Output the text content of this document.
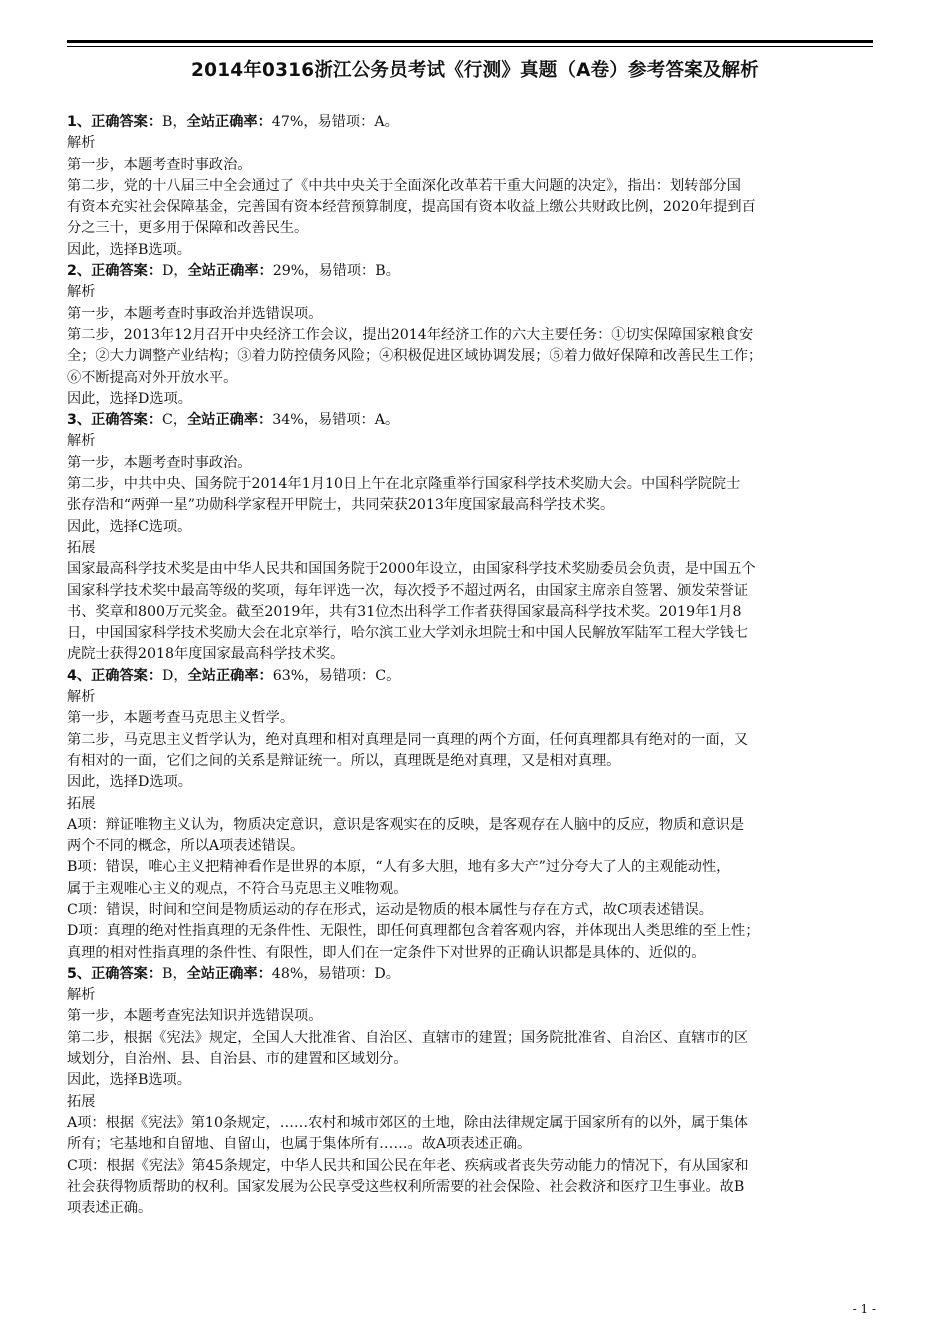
2014年0316浙江公务员考试《行测》真题（A卷）参考答案及解析

1、正确答案：B，全站正确率：47%，易错项：A。

解析

第一步，本题考查时事政治。

第二步，党的十八届三中全会通过了《中共中央关于全面深化改革若干重大问题的决定》，指出：划转部分国

有资本充实社会保障基金，完善国有资本经营预算制度，提高国有资本收益上缴公共财政比例，2020年提到百

分之三十，更多用于保障和改善民生。

因此，选择B选项。

2、正确答案：D，全站正确率：29%，易错项：B。

解析

第一步，本题考查时事政治并选错误项。

第二步，2013年12月召开中央经济工作会议，提出2014年经济工作的六大主要任务：①切实保障国家粮食安

全；②大力调整产业结构；③着力防控债务风险；④积极促进区域协调发展；⑤着力做好保障和改善民生工作；

⑥不断提高对外开放水平。

因此，选择D选项。

3、正确答案：C，全站正确率：34%，易错项：A。

解析

第一步，本题考查时事政治。

第二步，中共中央、国务院于2014年1月10日上午在北京隆重举行国家科学技术奖励大会。中国科学院院士

张存浩和“两弹一星”功勋科学家程开甲院士，共同荣获2013年度国家最高科学技术奖。

因此，选择C选项。

拓展

国家最高科学技术奖是由中华人民共和国国务院于2000年设立，由国家科学技术奖励委员会负责，是中国五个

国家科学技术奖中最高等级的奖项，每年评选一次，每次授予不超过两名，由国家主席亲自签署、颁发荣誉证

书、奖章和800万元奖金。截至2019年，共有31位杰出科学工作者获得国家最高科学技术奖。2019年1月8

日，中国国家科学技术奖励大会在北京举行，哈尔滨工业大学刘永坦院士和中国人民解放军陆军工程大学钱七

虎院士获得2018年度国家最高科学技术奖。

4、正确答案：D，全站正确率：63%，易错项：C。

解析

第一步，本题考查马克思主义哲学。

第二步，马克思主义哲学认为，绝对真理和相对真理是同一真理的两个方面，任何真理都具有绝对的一面，又

有相对的一面，它们之间的关系是辩证统一。所以，真理既是绝对真理，又是相对真理。

因此，选择D选项。

拓展

A项：辩证唯物主义认为，物质决定意识，意识是客观实在的反映，是客观存在人脑中的反应，物质和意识是

两个不同的概念，所以A项表述错误。

B项：错误，唯心主义把精神看作是世界的本原，“人有多大胆，地有多大产”过分夸大了人的主观能动性，

属于主观唯心主义的观点，不符合马克思主义唯物观。

C项：错误，时间和空间是物质运动的存在形式，运动是物质的根本属性与存在方式，故C项表述错误。

D项：真理的绝对性指真理的无条件性、无限性，即任何真理都包含着客观内容，并体现出人类思维的至上性；

真理的相对性指真理的条件性、有限性，即人们在一定条件下对世界的正确认识都是具体的、近似的。

5、正确答案：B，全站正确率：48%，易错项：D。

解析

第一步，本题考查宪法知识并选错误项。

第二步，根据《宪法》规定，全国人大批准省、自治区、直辖市的建置；国务院批准省、自治区、直辖市的区

域划分，自治州、县、自治县、市的建置和区域划分。

因此，选择B选项。

拓展

A项：根据《宪法》第10条规定，……农村和城市郊区的土地，除由法律规定属于国家所有的以外，属于集体

所有；宅基地和自留地、自留山，也属于集体所有……。故A项表述正确。

C项：根据《宪法》第45条规定，中华人民共和国公民在年老、疾病或者丧失劳动能力的情况下，有从国家和

社会获得物质帮助的权利。国家发展为公民享受这些权利所需要的社会保险、社会救济和医疗卫生事业。故B

项表述正确。

- 1 -
